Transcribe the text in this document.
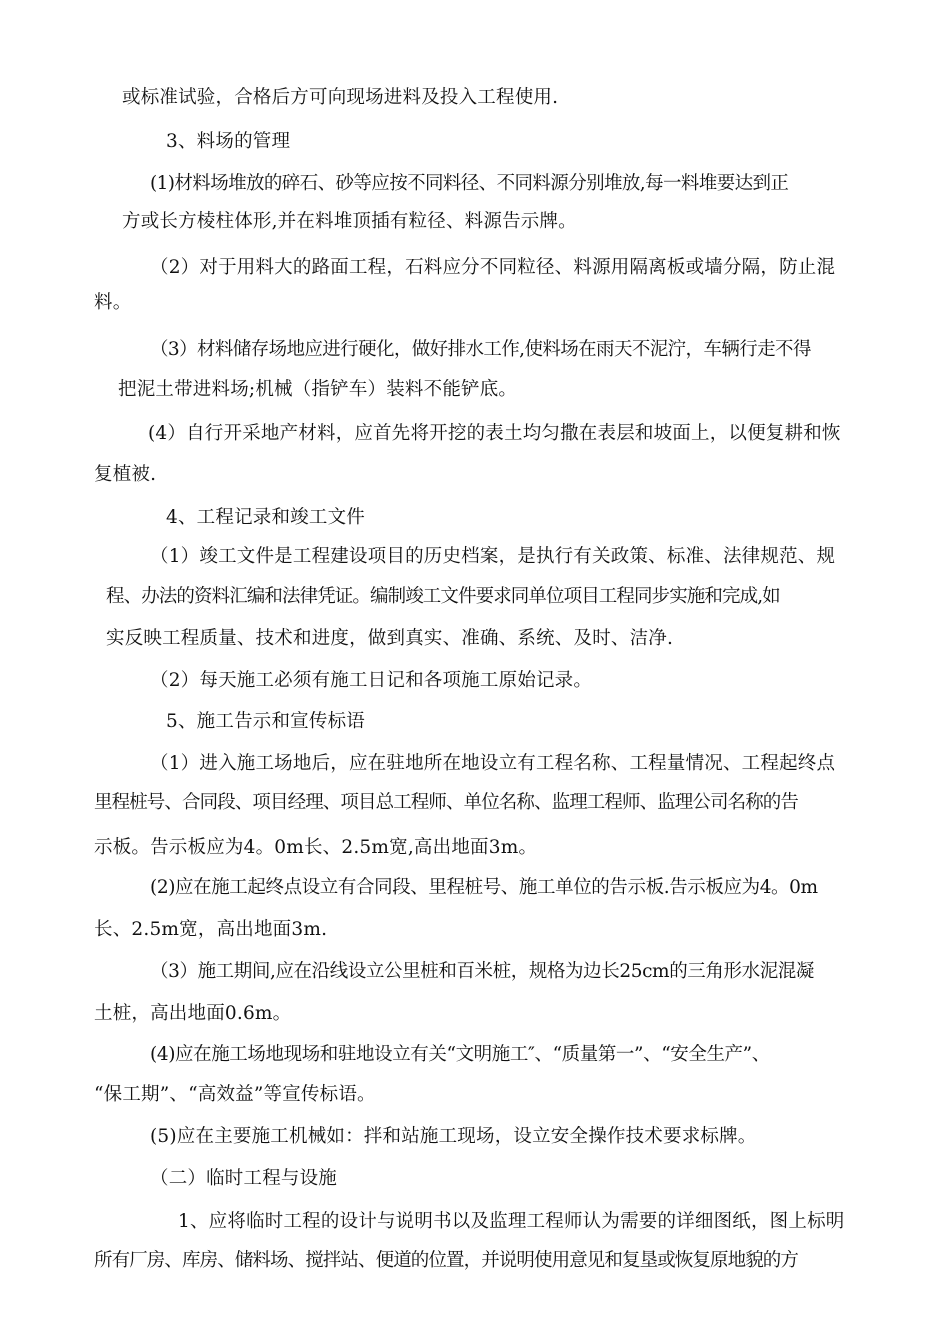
或标准试验，合格后方可向现场进料及投入工程使用.
3、料场的管理
(1)材料场堆放的碎石、砂等应按不同料径、不同料源分别堆放,每一料堆要达到正
方或长方棱柱体形,并在料堆顶插有粒径、料源告示牌。
（2）对于用料大的路面工程，石料应分不同粒径、料源用隔离板或墙分隔，防止混
料。
（3）材料储存场地应进行硬化，做好排水工作,使料场在雨天不泥泞，车辆行走不得
把泥土带进料场;机械（指铲车）装料不能铲底。
(4）自行开采地产材料，应首先将开挖的表土均匀撒在表层和坡面上，以便复耕和恢
复植被.
4、工程记录和竣工文件
（1）竣工文件是工程建设项目的历史档案，是执行有关政策、标准、法律规范、规
程、办法的资料汇编和法律凭证。编制竣工文件要求同单位项目工程同步实施和完成,如
实反映工程质量、技术和进度，做到真实、准确、系统、及时、洁净.
（2）每天施工必须有施工日记和各项施工原始记录。
5、施工告示和宣传标语
（1）进入施工场地后，应在驻地所在地设立有工程名称、工程量情况、工程起终点
里程桩号、合同段、项目经理、项目总工程师、单位名称、监理工程师、监理公司名称的告
示板。告示板应为4。0m长、2.5m宽,高出地面3m。
(2)应在施工起终点设立有合同段、里程桩号、施工单位的告示板.告示板应为4。0m
长、2.5m宽，高出地面3m.
（3）施工期间,应在沿线设立公里桩和百米桩，规格为边长25cm的三角形水泥混凝
土桩，高出地面0.6m。
(4)应在施工场地现场和驻地设立有关“文明施工″、“质量第一”、“安全生产”、
“保工期”、“高效益”等宣传标语。
(5)应在主要施工机械如：拌和站施工现场，设立安全操作技术要求标牌。
（二）临时工程与设施
1、应将临时工程的设计与说明书以及监理工程师认为需要的详细图纸，图上标明
所有厂房、库房、储料场、搅拌站、便道的位置，并说明使用意见和复垦或恢复原地貌的方
